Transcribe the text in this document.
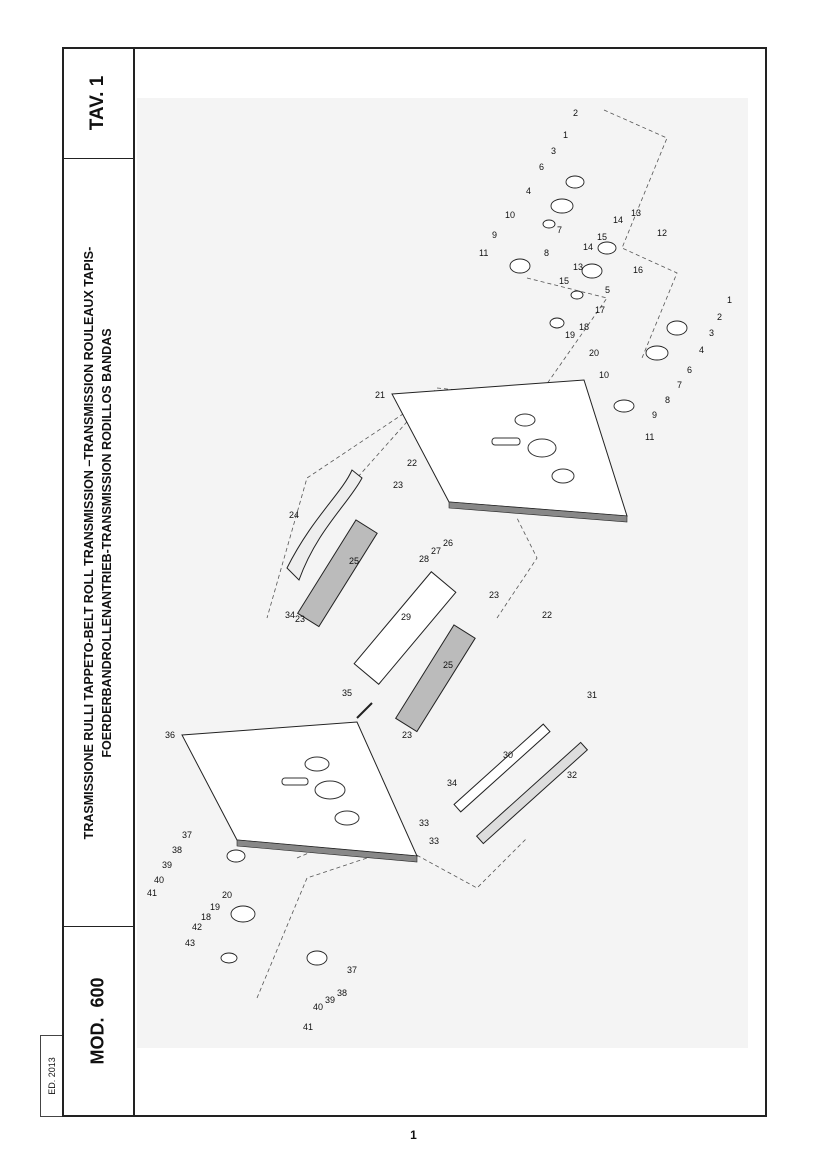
TAV. 1
TRASMISSIONE RULLI TAPPETO-BELT ROLL TRANSMISSION –TRANSMISSION ROULEAUX TAPIS- FOERDERBANDROLLENANTRIEB-TRANSMISSION RODILLOS BANDAS
MOD.  600
ED. 2013
2
1
3
6
4
10
9
11
7
8
13
14
15	12
16
5
14
13
15
17
18
19
20
1
2
3
4
6
7
8
9
11
10
21
22
23
24
25
26
27
28
29
23
22
34 23
25
35
23
34
31
30
32
36
33
33
37
38
39
40
41	20
19
18
42
43
37
38
39
40
41
1
